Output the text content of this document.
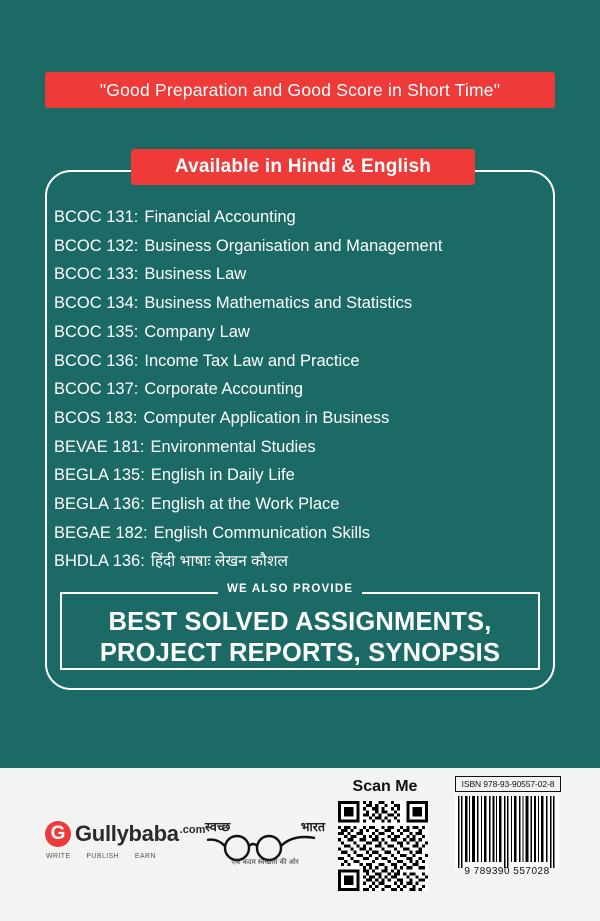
"Good Preparation and Good Score in Short Time"
Available in Hindi & English
BCOC 131: Financial Accounting
BCOC 132: Business Organisation and Management
BCOC 133: Business Law
BCOC 134: Business Mathematics and Statistics
BCOC 135: Company Law
BCOC 136: Income Tax Law and Practice
BCOC 137: Corporate Accounting
BCOS 183: Computer Application in Business
BEVAE 181: Environmental Studies
BEGLA 135: English in Daily Life
BEGLA 136: English at the Work Place
BEGAE 182: English Communication Skills
BHDLA 136: हिंदी भाषाः लेखन कौशल
WE ALSO PROVIDE
BEST SOLVED ASSIGNMENTS,
PROJECT REPORTS, SYNOPSIS
G Gullybaba .com
WRITE PUBLISH EARN
स्वच्छ	भारत
एक कदम स्वच्छता की ओर
Scan Me	ISBN 978-93-90557-02-8
9 789390 557028
